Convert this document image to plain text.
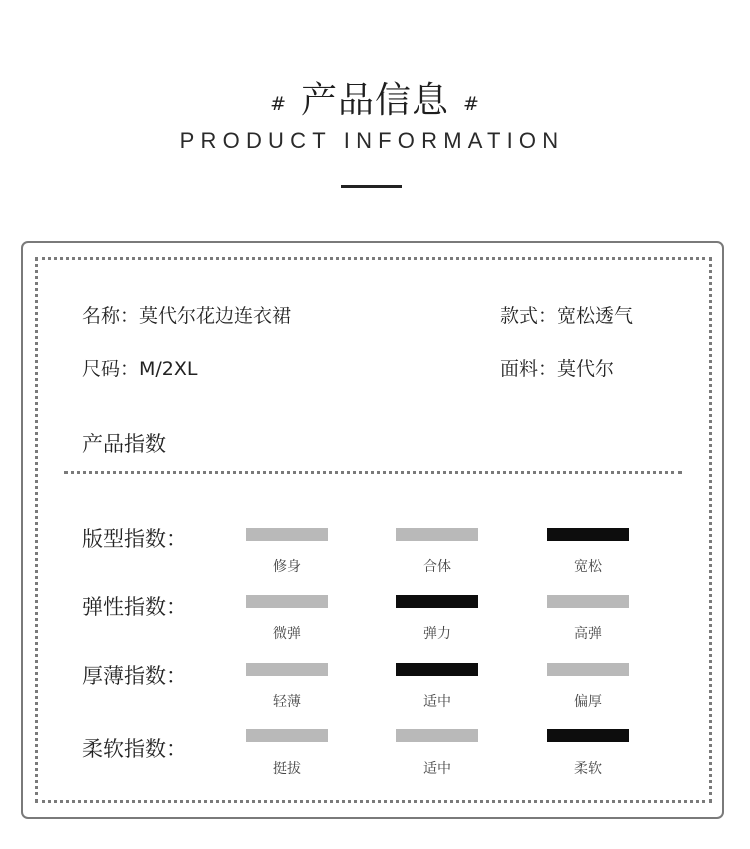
# 产品信息 #
PRODUCT INFORMATION
名称：莫代尔花边连衣裙	款式：宽松透气
尺码：M/2XL	面料：莫代尔
产品指数
版型指数：
修身	合体	宽松
弹性指数：
微弹	弹力	高弹
厚薄指数：
轻薄	适中	偏厚
柔软指数：
挺拔	适中	柔软
